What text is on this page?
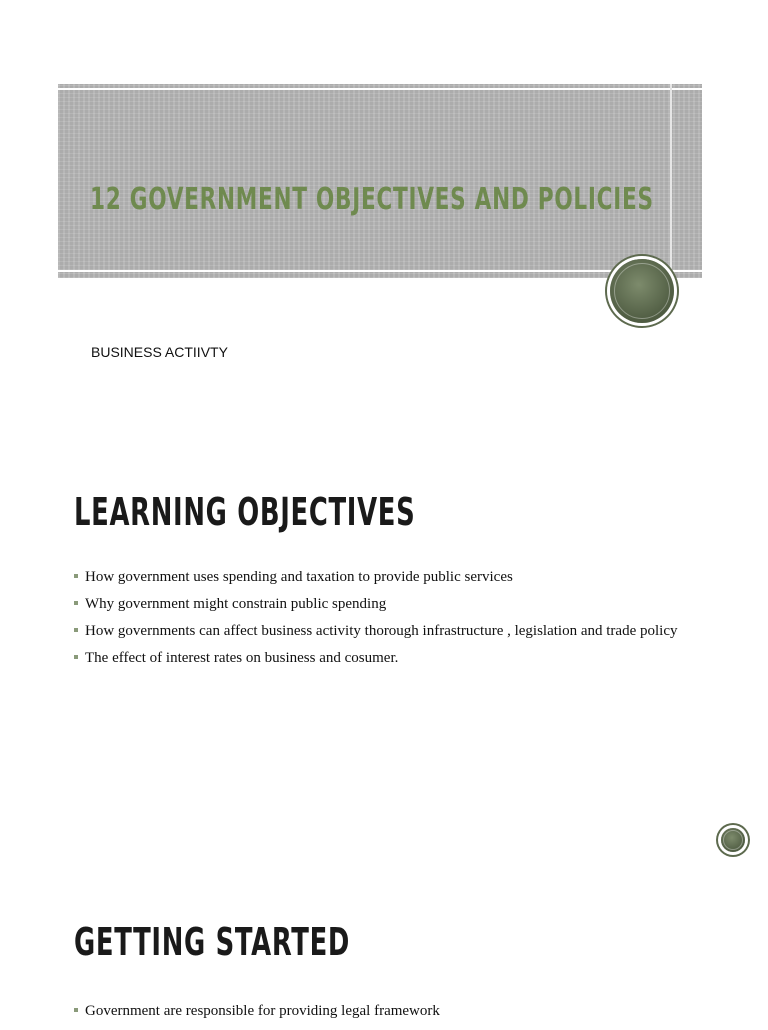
12 GOVERNMENT OBJECTIVES AND POLICIES
BUSINESS ACTIIVTY
LEARNING OBJECTIVES
How government uses spending and taxation to provide public services
Why government might constrain public spending
How governments can affect business activity thorough infrastructure , legislation and trade policy
The effect of interest rates on business and cosumer.
GETTING STARTED
Government are responsible for providing legal framework
